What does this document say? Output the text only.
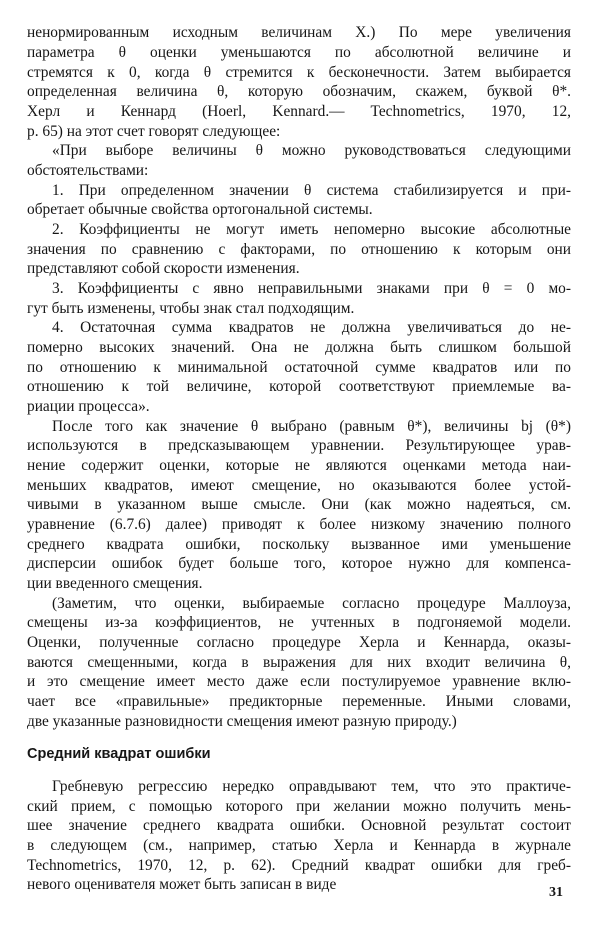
ненормированным исходным величинам X.) По мере увеличения
параметра θ оценки уменьшаются по абсолютной величине и
стремятся к 0, когда θ стремится к бесконечности. Затем выбирается
определенная величина θ, которую обозначим, скажем, буквой θ*.
Херл и Кеннард (Hoerl, Kennard.— Technometrics, 1970, 12,
р. 65) на этот счет говорят следующее:
«При выборе величины θ можно руководствоваться следующими
обстоятельствами:
1. При определенном значении θ система стабилизируется и при-
обретает обычные свойства ортогональной системы.
2. Коэффициенты не могут иметь непомерно высокие абсолютные
значения по сравнению с факторами, по отношению к которым они
представляют собой скорости изменения.
3. Коэффициенты с явно неправильными знаками при θ = 0 мо-
гут быть изменены, чтобы знак стал подходящим.
4. Остаточная сумма квадратов не должна увеличиваться до не-
померно высоких значений. Она не должна быть слишком большой
по отношению к минимальной остаточной сумме квадратов или по
отношению к той величине, которой соответствуют приемлемые ва-
риации процесса».
После того как значение θ выбрано (равным θ*), величины bj (θ*)
используются в предсказывающем уравнении. Результирующее урав-
нение содержит оценки, которые не являются оценками метода наи-
меньших квадратов, имеют смещение, но оказываются более устой-
чивыми в указанном выше смысле. Они (как можно надеяться, см.
уравнение (6.7.6) далее) приводят к более низкому значению полного
среднего квадрата ошибки, поскольку вызванное ими уменьшение
дисперсии ошибок будет больше того, которое нужно для компенса-
ции введенного смещения.
(Заметим, что оценки, выбираемые согласно процедуре Маллоуза,
смещены из-за коэффициентов, не учтенных в подгоняемой модели.
Оценки, полученные согласно процедуре Херла и Кеннарда, оказы-
ваются смещенными, когда в выражения для них входит величина θ,
и это смещение имеет место даже если постулируемое уравнение вклю-
чает все «правильные» предикторные переменные. Иными словами,
две указанные разновидности смещения имеют разную природу.)
Средний квадрат ошибки
Гребневую регрессию нередко оправдывают тем, что это практиче-
ский прием, с помощью которого при желании можно получить мень-
шее значение среднего квадрата ошибки. Основной результат состоит
в следующем (см., например, статью Херла и Кеннарда в журнале
Technometrics, 1970, 12, р. 62). Средний квадрат ошибки для греб-
невого оценивателя может быть записан в виде	31
